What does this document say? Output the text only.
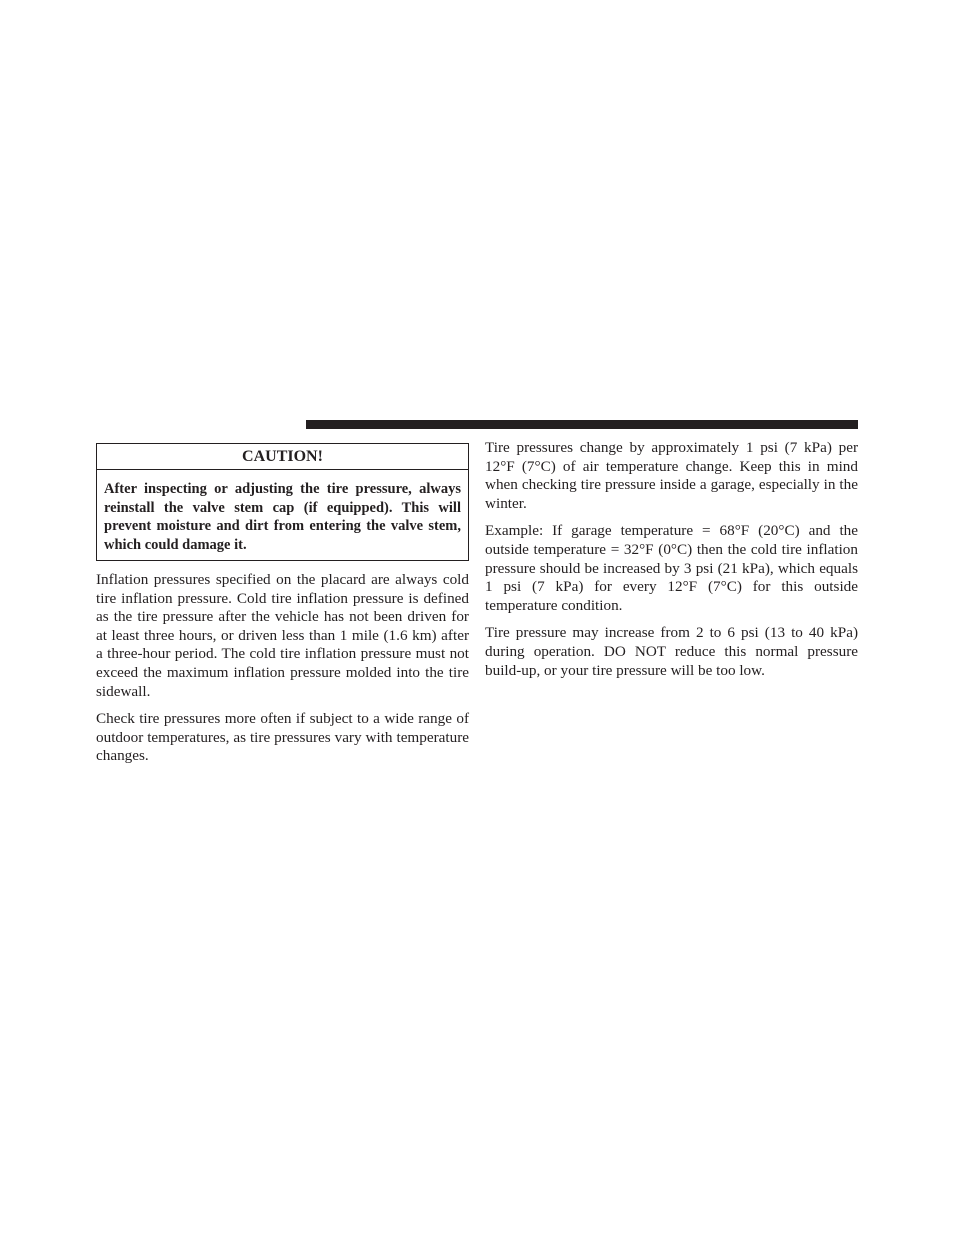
CAUTION!
After inspecting or adjusting the tire pressure, always reinstall the valve stem cap (if equipped). This will prevent moisture and dirt from entering the valve stem, which could damage it.

Inflation pressures specified on the placard are always cold tire inflation pressure. Cold tire inflation pressure is defined as the tire pressure after the vehicle has not been driven for at least three hours, or driven less than 1 mile (1.6 km) after a three-hour period. The cold tire inflation pressure must not exceed the maximum inflation pressure molded into the tire sidewall.

Check tire pressures more often if subject to a wide range of outdoor temperatures, as tire pressures vary with temperature changes.

Tire pressures change by approximately 1 psi (7 kPa) per 12°F (7°C) of air temperature change. Keep this in mind when checking tire pressure inside a garage, especially in the winter.

Example: If garage temperature = 68°F (20°C) and the outside temperature = 32°F (0°C) then the cold tire inflation pressure should be increased by 3 psi (21 kPa), which equals 1 psi (7 kPa) for every 12°F (7°C) for this outside temperature condition.

Tire pressure may increase from 2 to 6 psi (13 to 40 kPa) during operation. DO NOT reduce this normal pressure build-up, or your tire pressure will be too low.
